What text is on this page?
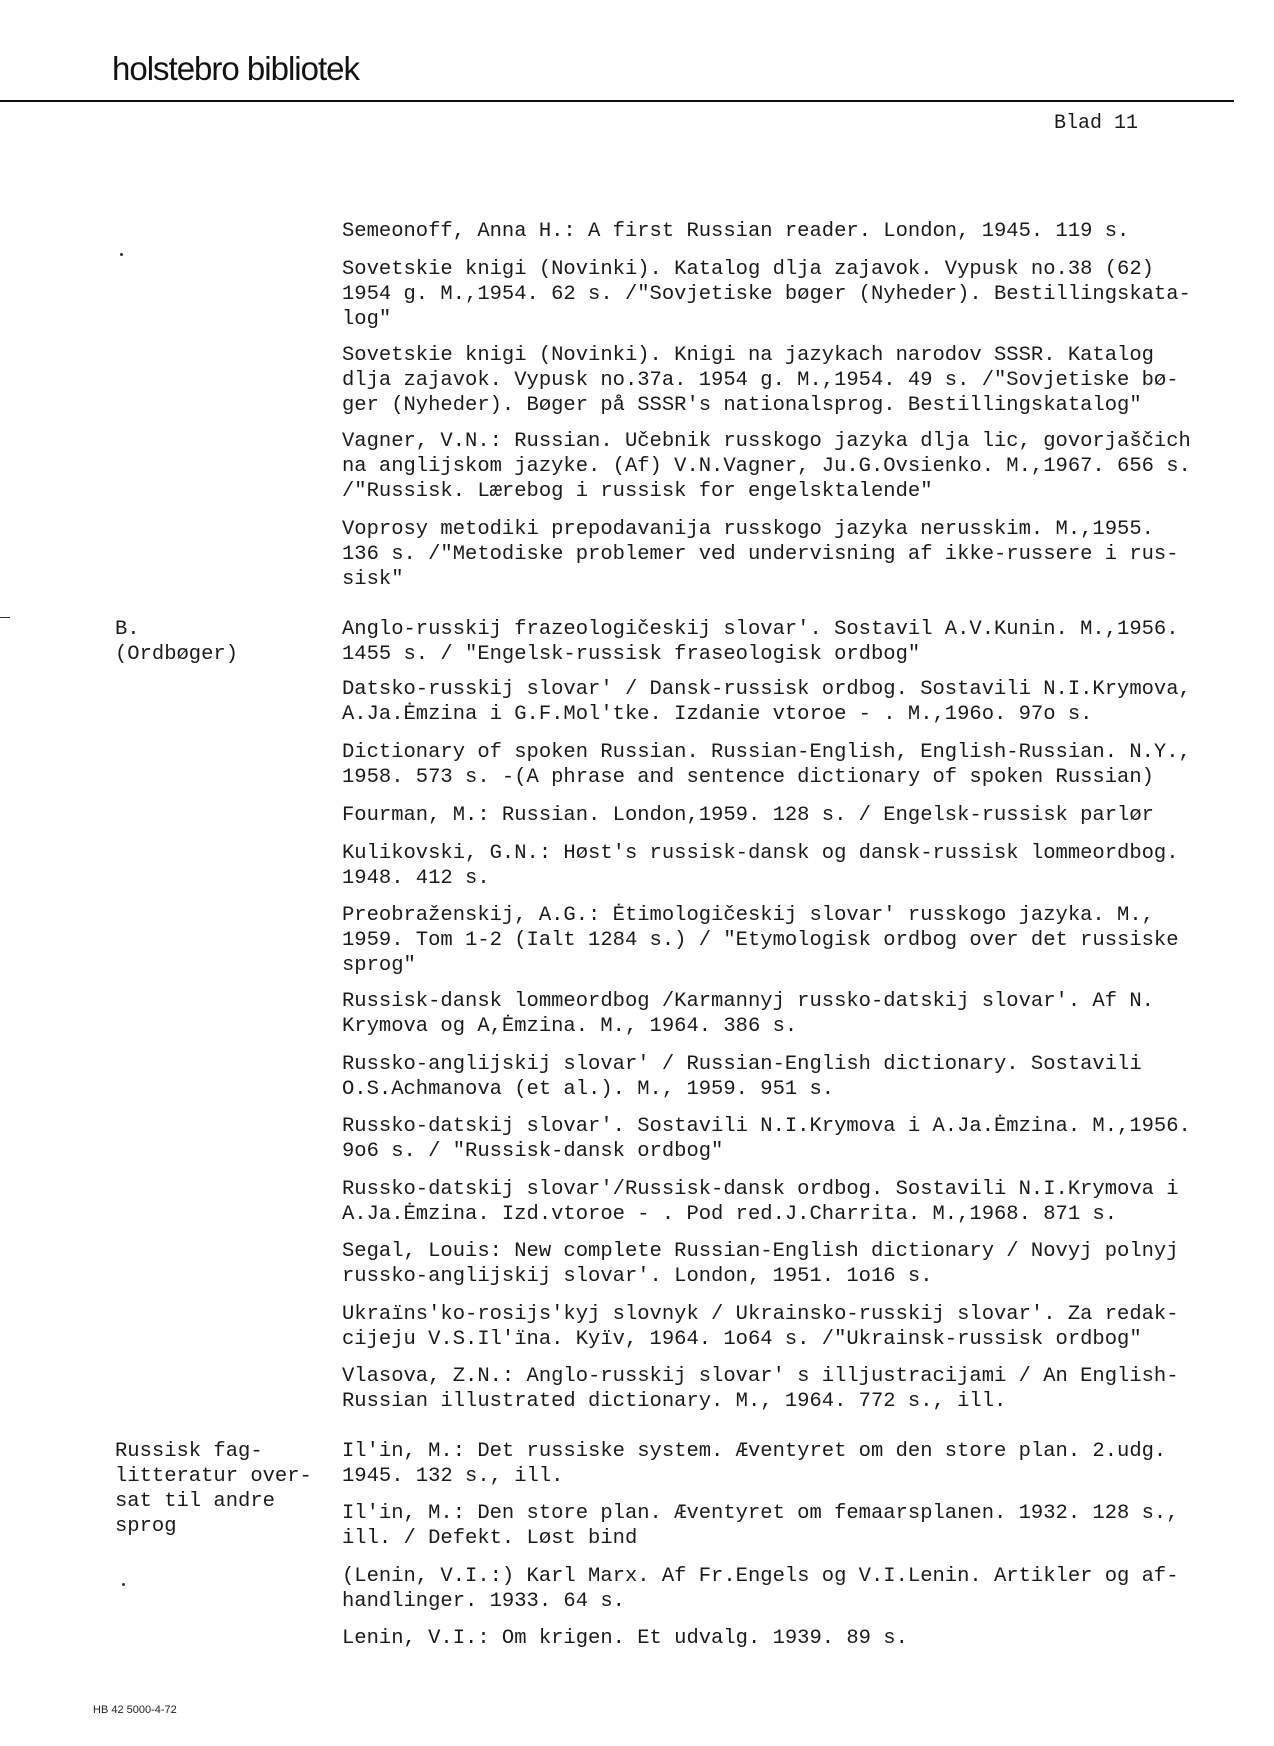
holstebro bibliotek
Blad 11

Semeonoff, Anna H.: A first Russian reader. London, 1945. 119 s.

Sovetskie knigi (Novinki). Katalog dlja zajavok. Vypusk no.38 (62)
1954 g. M.,1954. 62 s. /"Sovjetiske bøger (Nyheder). Bestillingskata-
log"

Sovetskie knigi (Novinki). Knigi na jazykach narodov SSSR. Katalog
dlja zajavok. Vypusk no.37a. 1954 g. M.,1954. 49 s. /"Sovjetiske bø-
ger (Nyheder). Bøger på SSSR's nationalsprog. Bestillingskatalog"

Vagner, V.N.: Russian. Učebnik russkogo jazyka dlja lic, govorjaščich
na anglijskom jazyke. (Af) V.N.Vagner, Ju.G.Ovsienko. M.,1967. 656 s.
/"Russisk. Lærebog i russisk for engelsktalende"

Voprosy metodiki prepodavanija russkogo jazyka nerusskim. M.,1955.
136 s. /"Metodiske problemer ved undervisning af ikke-russere i rus-
sisk"

B.
(Ordbøger)

Anglo-russkij frazeologičeskij slovar'. Sostavil A.V.Kunin. M.,1956.
1455 s. / "Engelsk-russisk fraseologisk ordbog"

Datsko-russkij slovar' / Dansk-russisk ordbog. Sostavili N.I.Krymova,
A.Ja.Ėmzina i G.F.Mol'tke. Izdanie vtoroe - . M.,196o. 97o s.

Dictionary of spoken Russian. Russian-English, English-Russian. N.Y.,
1958. 573 s. -(A phrase and sentence dictionary of spoken Russian)

Fourman, M.: Russian. London,1959. 128 s. / Engelsk-russisk parlør

Kulikovski, G.N.: Høst's russisk-dansk og dansk-russisk lommeordbog.
1948. 412 s.

Preobraženskij, A.G.: Ėtimologičeskij slovar' russkogo jazyka. M.,
1959. Tom 1-2 (Ialt 1284 s.) / "Etymologisk ordbog over det russiske
sprog"

Russisk-dansk lommeordbog /Karmannyj russko-datskij slovar'. Af N.
Krymova og A,Ėmzina. M., 1964. 386 s.

Russko-anglijskij slovar' / Russian-English dictionary. Sostavili
O.S.Achmanova (et al.). M., 1959. 951 s.

Russko-datskij slovar'. Sostavili N.I.Krymova i A.Ja.Ėmzina. M.,1956.
9o6 s. / "Russisk-dansk ordbog"

Russko-datskij slovar'/Russisk-dansk ordbog. Sostavili N.I.Krymova i
A.Ja.Ėmzina. Izd.vtoroe - . Pod red.J.Charrita. M.,1968. 871 s.

Segal, Louis: New complete Russian-English dictionary / Novyj polnyj
russko-anglijskij slovar'. London, 1951. 1o16 s.

Ukraїns'ko-rosijs'kyj slovnyk / Ukrainsko-russkij slovar'. Za redak-
cijeju V.S.Il'їna. Kyїv, 1964. 1o64 s. /"Ukrainsk-russisk ordbog"

Vlasova, Z.N.: Anglo-russkij slovar' s illjustracijami / An English-
Russian illustrated dictionary. M., 1964. 772 s., ill.

Russisk fag-
litteratur over-
sat til andre
sprog

Il'in, M.: Det russiske system. Æventyret om den store plan. 2.udg.
1945. 132 s., ill.

Il'in, M.: Den store plan. Æventyret om femaarsplanen. 1932. 128 s.,
ill. / Defekt. Løst bind

(Lenin, V.I.:) Karl Marx. Af Fr.Engels og V.I.Lenin. Artikler og af-
handlinger. 1933. 64 s.

Lenin, V.I.: Om krigen. Et udvalg. 1939. 89 s.

HB 42 5000-4-72
